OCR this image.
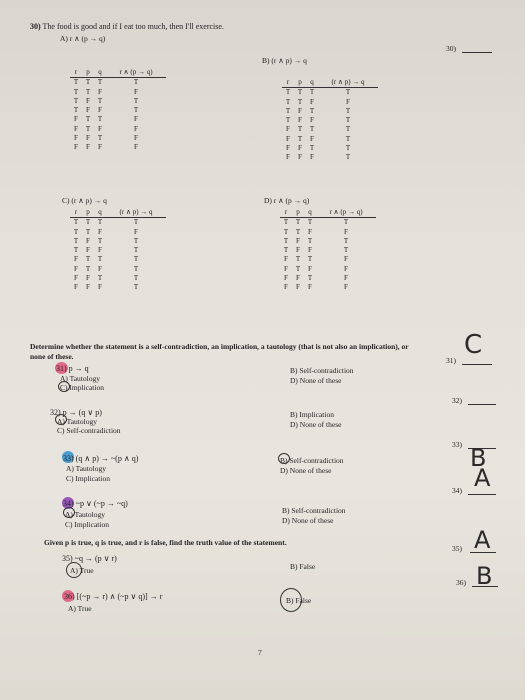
30) The food is good and if I eat too much, then I'll exercise.
30)
A) r ∧ (p → q)
r	p	q	r ∧ (p → q)
T	T	T	T
T	T	F	F
T	F	T	T
T	F	F	T
F	T	T	F
F	T	F	F
F	F	T	F
F	F	F	F
B) (r ∧ p) → q
r	p	q	(r ∧ p) → q
T	T	T	T
T	T	F	F
T	F	T	T
T	F	F	T
F	T	T	T
F	T	F	T
F	F	T	T
F	F	F	T
C) (r ∧ p) → q
r	p	q	(r ∧ p) → q
T	T	T	T
T	T	F	F
T	F	T	T
T	F	F	T
F	T	T	T
F	T	F	T
F	F	T	T
F	F	F	T
D) r ∧ (p → q)
r	p	q	r ∧ (p → q)
T	T	T	T
T	T	F	F
T	F	T	T
T	F	F	T
F	T	T	F
F	T	F	F
F	F	T	F
F	F	F	F
Determine whether the statement is a self-contradiction, an implication, a tautology (that is not also an implication), or
none of these.
31) p → q
A) Tautology
C) Implication
B) Self-contradiction
D) None of these
31)
C
32) p → (q ∨ p)
A) Tautology
C) Self-contradiction
B) Implication
D) None of these
32)
33) (q ∧ p) → ~(p ∧ q)
A) Tautology
C) Implication
B) Self-contradiction
D) None of these
33) B
34) ~p ∨ (~p → ~q)
A) Tautology
C) Implication
B) Self-contradiction
D) None of these
34) A
Given p is true, q is true, and r is false, find the truth value of the statement.
35) ~q → (p ∨ r)
A) True	B) False
35) A
36) [(~p → r) ∧ (~p ∨ q)] → r
A) True
B) False
36) B
7
